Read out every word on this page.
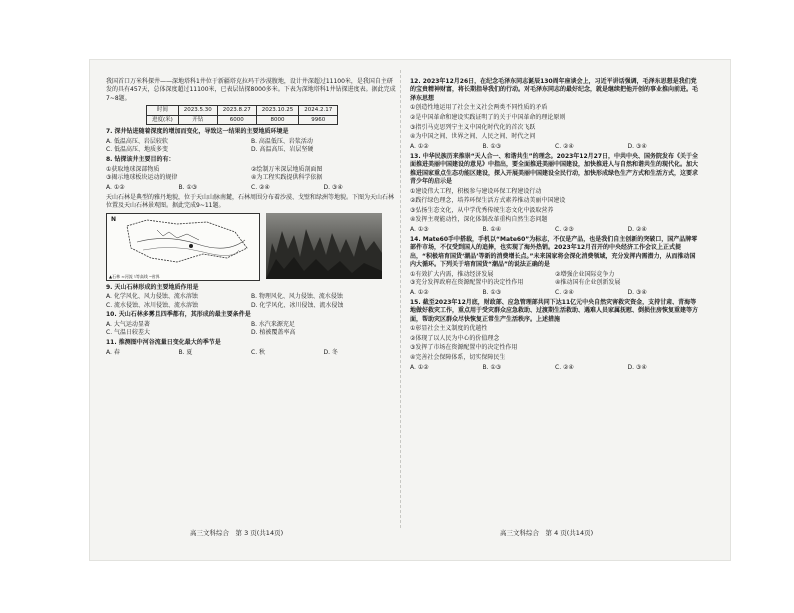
我国首口万米科探井——深地塔科1井位于新疆塔克拉玛干沙漠腹地，设计井深超过11100米，是我国自主研发的具有457天，总体深度超过11100米，已表层钻探8000多米。下表为深地塔科1井钻探进度表。据此完成7~8题。

时间	2023.5.30	2023.8.27	2023.10.25	2024.2.17
进度(米)	开钻	6000	8000	9960

7. 深井钻进随着深度的增加而变化，导致这一结果的主要地质环境是

A. 低温高压、岩层较软	B. 高温低压、岩浆活动
C. 低温高压、地质多变	D. 高温高压、岩层坚硬

8. 钻探该井主要目的有：

①获取地球深部物质	②绘制万米深层地质剖面图
③揭示地球板块运动的规律	④为工程实践提供科学依据
A. ①②	B. ①③	C. ②④	D. ③④

天山石林是典型的雅丹地貌，位于天山山脉南麓，石林周围分布着沙漠、戈壁和绿洲等地貌。下图为天山石林位置及天山石林景观图。据此完成9~11题。

N
▲石林 ≈河流 ⌇等高线 ─省界

9. 天山石林形成的主要地质作用是

A. 化学风化、风力侵蚀、流水溶蚀	B. 物理风化、风力侵蚀、流水侵蚀
C. 流水侵蚀、冰川侵蚀、流水溶蚀	D. 化学风化、冰川侵蚀、流水侵蚀

10. 天山石林多雾且四季都有，其形成的最主要条件是

A. 大气运动显著	B. 水汽来源充足
C. 气温日较差大	D. 植被覆盖率高

11. 推测图中河谷流量日变化最大的季节是

A. 春	B. 夏	C. 秋	D. 冬

12. 2023年12月26日，在纪念毛泽东同志诞辰130周年座谈会上，习近平讲话强调，毛泽东思想是我们党的宝贵精神财富，将长期指导我们的行动。对毛泽东同志的最好纪念，就是继续把他开创的事业推向前进。毛泽东思想

①创造性地运用了社会主义社会两类不同性质的矛盾

②是中国革命和建设实践证明了的关于中国革命的理论原则

③指引马克思列宁主义中国化时代化的首次飞跃

④为中国之间、世界之间、人民之间、时代之问

A. ①②	B. ①③	C. ②④	D. ③④

13. 中华民族历来推崇“天人合一、和谐共生”的理念。2023年12月27日，中共中央、国务院发布《关于全面推进美丽中国建设的意见》中指出，要全面推进美丽中国建设，加快推进人与自然和谐共生的现代化。加大推进国家重点生态功能区建设，探入开展美丽中国建设全民行动，加快形成绿色生产方式和生活方式，这要求青少年的启示是

①建设伟大工程，积极参与建设环保工程建设行动

②践行绿色理念，培养环保生活方式素养推动美丽中国建设

③弘扬生态文化，从中学优秀传统生态文化中汲取营养

④发挥主观能动性，深化体制改革重构自然生态问题

A. ①③	B. ①④	C. ②③	D. ②④

14. Mate60手中搭载，手机以“Mate60”为标志，不仅是产品，也是我们自主创新的突破口，国产品牌零部件市场，不仅受到国人的追捧，也实现了海外热销。2023年12月召开的中央经济工作会议上正式提出，“积极培育国货‘潮品’等新的消费增长点。”未来国家将会深化消费领域，充分发挥内需潜力，从而推动国内大循环。下列关于培育国货“潮品”的说法正确的是

①有效扩大内需，推动经济发展	②增强企业国际竞争力
③充分发挥政府在资源配置中的决定性作用	④推动国有企业创新发展
A. ①②	B. ①③	C. ②④	D. ③④

15. 截至2023年12月底，财政部、应急管理部共同下达11亿元中央自然灾害救灾资金，支持甘肃、青海等地做好救灾工作，重点用于受灾群众应急救助、过渡期生活救助、遇难人员家属抚慰、倒损住房恢复重建等方面，帮助灾区群众尽快恢复正常生产生活秩序。上述措施

①彰显社会主义制度的优越性

②体现了以人民为中心的价值理念

③发挥了市场在资源配置中的决定性作用

④完善社会保障体系，切实保障民生

A. ①②	B. ①③	C. ②④	D. ③④
高三文科综合　第 3 页(共14页)	高三文科综合　第 4 页(共14页)
